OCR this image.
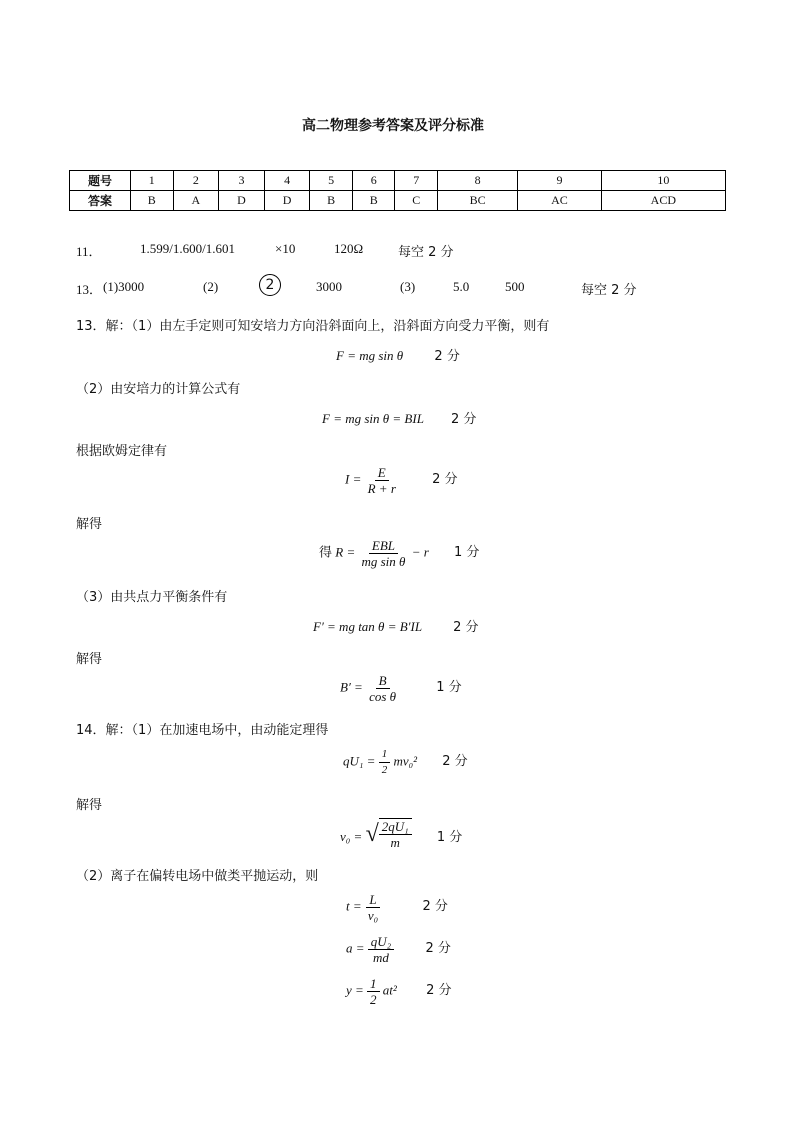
高二物理参考答案及评分标准
题号	1	2	3	4	5	6	7	8	9	10
答案	B	A	D	D	B	B	C	BC	AC	ACD
11．	1.599/1.600/1.601	×10	120Ω	每空 2 分
13． (1)3000	(2)	2	3000	(3)	5.0	500	每空 2 分
13．解：（1）由左手定则可知安培力方向沿斜面向上，沿斜面方向受力平衡，则有
F = mg sin θ 2 分
（2）由安培力的计算公式有
F = mg sin θ = BIL 2 分
根据欧姆定律有
$I = \frac{E}{R + r}$	2 分
解得
得 $R = \frac{\text{EBL}}{\text{mg sin θ}} - r$ 1 分
（3）由共点力平衡条件有
F′ = mg tan θ = B′IL 2 分
解得
$B' = \frac{B}{\text{cos θ}}$	1 分
14．解：（1）在加速电场中，由动能定理得
$qU_1 = \frac{1}{2} mv_0^2$ 2 分
解得
v₀ = √ $\frac{\text{2qU₁}}{m} 1$ 分
（2）离子在偏转电场中做类平抛运动，则
$t = \frac{L}{\text{v₀}}$	2 分
$a = \frac{\text{qU₂}}{md} 2$ 分
$y = \frac{1}{2} at^2$ 2 分
